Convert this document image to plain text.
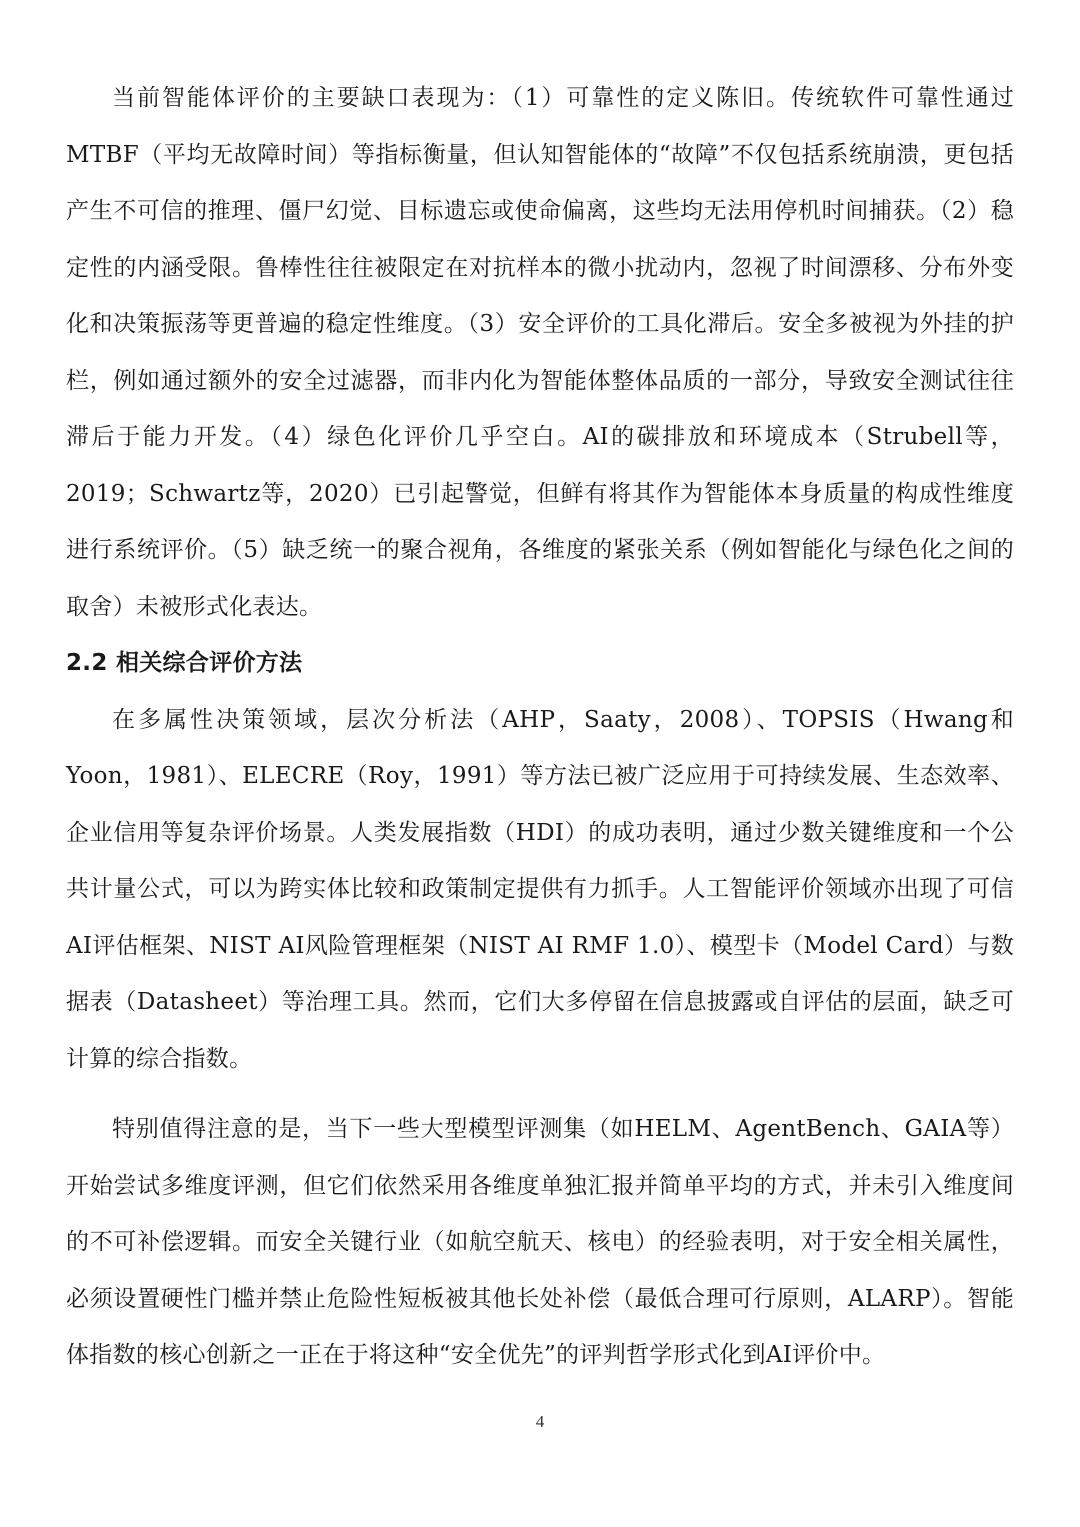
当前智能体评价的主要缺口表现为：（1）可靠性的定义陈旧。传统软件可靠性通过MTBF（平均无故障时间）等指标衡量，但认知智能体的“故障”不仅包括系统崩溃，更包括产生不可信的推理、僵尸幻觉、目标遗忘或使命偏离，这些均无法用停机时间捕获。（2）稳定性的内涵受限。鲁棒性往往被限定在对抗样本的微小扰动内，忽视了时间漂移、分布外变化和决策振荡等更普遍的稳定性维度。（3）安全评价的工具化滞后。安全多被视为外挂的护栏，例如通过额外的安全过滤器，而非内化为智能体整体品质的一部分，导致安全测试往往滞后于能力开发。（4）绿色化评价几乎空白。AI的碳排放和环境成本（Strubell等，2019；Schwartz等，2020）已引起警觉，但鲜有将其作为智能体本身质量的构成性维度进行系统评价。（5）缺乏统一的聚合视角，各维度的紧张关系（例如智能化与绿色化之间的取舍）未被形式化表达。

2.2 相关综合评价方法

在多属性决策领域，层次分析法（AHP，Saaty，2008）、TOPSIS（Hwang和Yoon，1981）、ELECRE（Roy，1991）等方法已被广泛应用于可持续发展、生态效率、企业信用等复杂评价场景。人类发展指数（HDI）的成功表明，通过少数关键维度和一个公共计量公式，可以为跨实体比较和政策制定提供有力抓手。人工智能评价领域亦出现了可信AI评估框架、NIST AI风险管理框架（NIST AI RMF 1.0）、模型卡（Model Card）与数据表（Datasheet）等治理工具。然而，它们大多停留在信息披露或自评估的层面，缺乏可计算的综合指数。

特别值得注意的是，当下一些大型模型评测集（如HELM、AgentBench、GAIA等）开始尝试多维度评测，但它们依然采用各维度单独汇报并简单平均的方式，并未引入维度间的不可补偿逻辑。而安全关键行业（如航空航天、核电）的经验表明，对于安全相关属性，必须设置硬性门槛并禁止危险性短板被其他长处补偿（最低合理可行原则，ALARP）。智能体指数的核心创新之一正在于将这种“安全优先”的评判哲学形式化到AI评价中。

4
